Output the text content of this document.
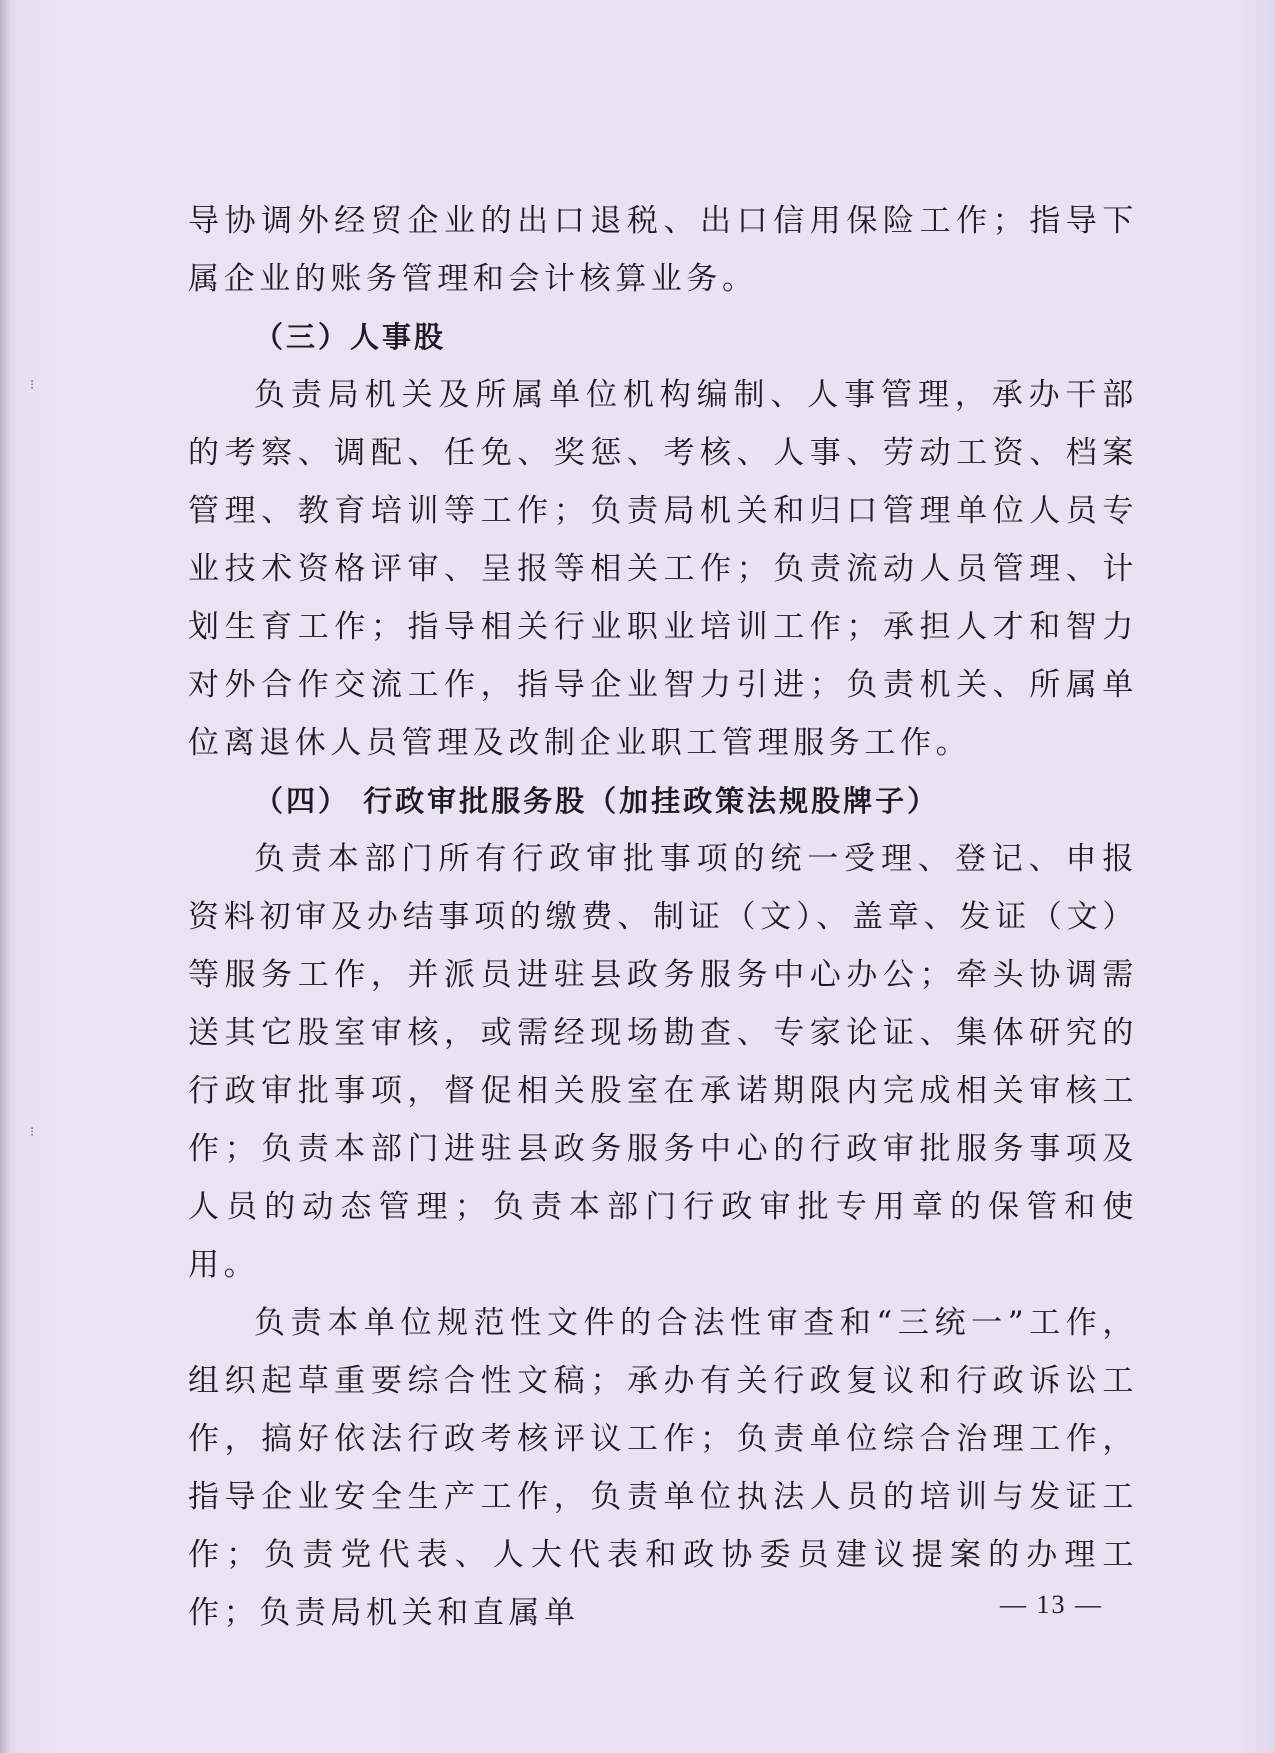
⁝
⁝

导协调外经贸企业的出口退税、出口信用保险工作；指导下属企业的账务管理和会计核算业务。

（三）人事股

负责局机关及所属单位机构编制、人事管理，承办干部的考察、调配、任免、奖惩、考核、人事、劳动工资、档案管理、教育培训等工作；负责局机关和归口管理单位人员专业技术资格评审、呈报等相关工作；负责流动人员管理、计划生育工作；指导相关行业职业培训工作；承担人才和智力对外合作交流工作，指导企业智力引进；负责机关、所属单位离退休人员管理及改制企业职工管理服务工作。

（四） 行政审批服务股（加挂政策法规股牌子）

负责本部门所有行政审批事项的统一受理、登记、申报资料初审及办结事项的缴费、制证（文）、盖章、发证（文）等服务工作，并派员进驻县政务服务中心办公；牵头协调需送其它股室审核，或需经现场勘查、专家论证、集体研究的行政审批事项，督促相关股室在承诺期限内完成相关审核工作；负责本部门进驻县政务服务中心的行政审批服务事项及人员的动态管理；负责本部门行政审批专用章的保管和使用。

负责本单位规范性文件的合法性审查和“三统一”工作，组织起草重要综合性文稿；承办有关行政复议和行政诉讼工作，搞好依法行政考核评议工作；负责单位综合治理工作，指导企业安全生产工作，负责单位执法人员的培训与发证工作；负责党代表、人大代表和政协委员建议提案的办理工作；负责局机关和直属单	— 13 —
